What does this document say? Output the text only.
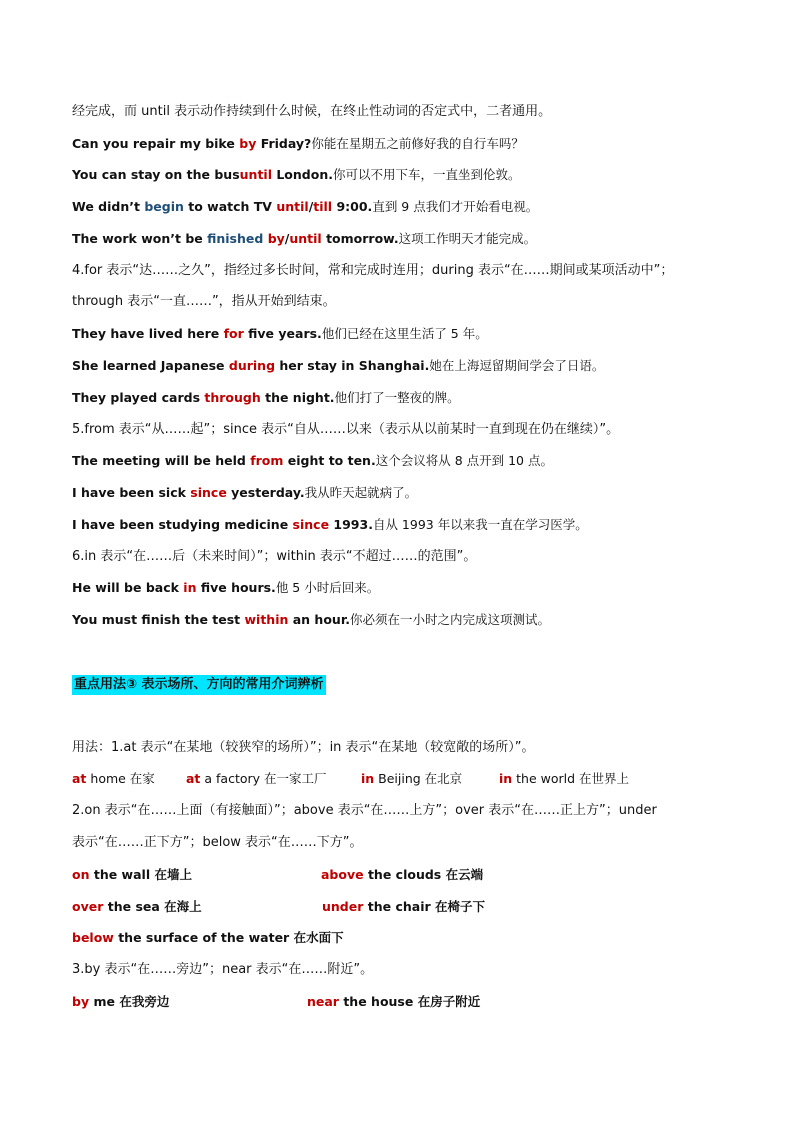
经完成，而 until 表示动作持续到什么时候，在终止性动词的否定式中，二者通用。
Can you repair my bike by Friday?你能在星期五之前修好我的自行车吗？
You can stay on the busuntil London.你可以不用下车，一直坐到伦敦。
We didn’t begin to watch TV until/till 9:00.直到 9 点我们才开始看电视。
The work won’t be finished by/until tomorrow.这项工作明天才能完成。
4.for 表示“达……之久”，指经过多长时间，常和完成时连用；during 表示“在……期间或某项活动中”；
through 表示“一直……”，指从开始到结束。
They have lived here for five years.他们已经在这里生活了 5 年。
She learned Japanese during her stay in Shanghai.她在上海逗留期间学会了日语。
They played cards through the night.他们打了一整夜的牌。
5.from 表示“从……起”；since 表示“自从……以来（表示从以前某时一直到现在仍在继续）”。
The meeting will be held from eight to ten.这个会议将从 8 点开到 10 点。
I have been sick since yesterday.我从昨天起就病了。
I have been studying medicine since 1993.自从 1993 年以来我一直在学习医学。
6.in 表示“在……后（未来时间）”；within 表示“不超过……的范围”。
He will be back in five hours.他 5 小时后回来。
You must finish the test within an hour.你必须在一小时之内完成这项测试。
重点用法③ 表示场所、方向的常用介词辨析
用法：1.at 表示“在某地（较狭窄的场所）”；in 表示“在某地（较宽敞的场所）”。
at home 在家 at a factory 在一家工厂	in Beijing 在北京	in the world 在世界上
2.on 表示“在……上面（有接触面）”；above 表示“在……上方”；over 表示“在……正上方”；under
表示“在……正下方”；below 表示“在……下方”。
on the wall 在墙上	above the clouds 在云端
over the sea 在海上	under the chair 在椅子下
below the surface of the water 在水面下
3.by 表示“在……旁边”；near 表示“在……附近”。
by me 在我旁边	near the house 在房子附近
